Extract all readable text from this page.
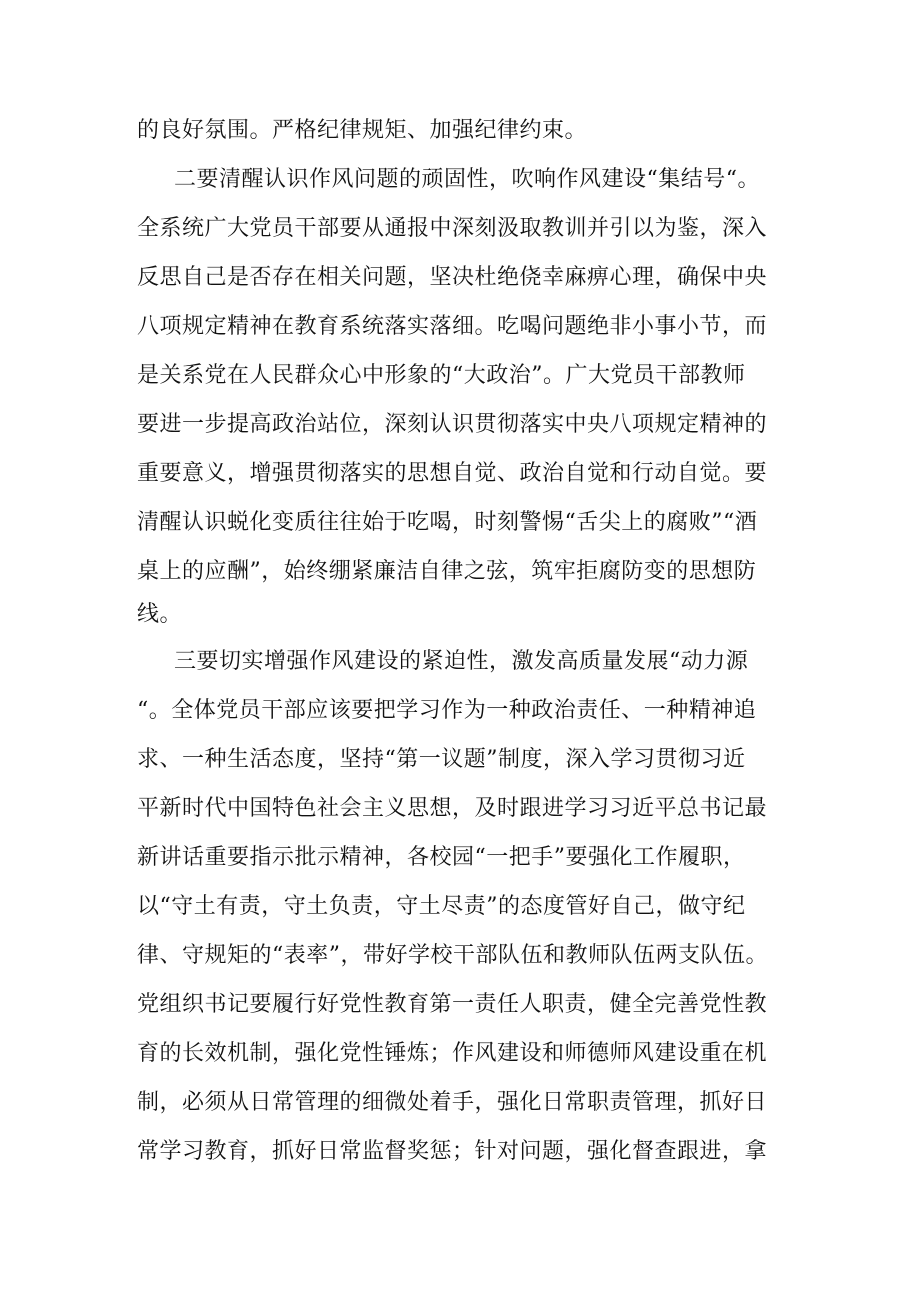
的良好氛围。严格纪律规矩、加强纪律约束。
二要清醒认识作风问题的顽固性，吹响作风建设“集结号“。
全系统广大党员干部要从通报中深刻汲取教训并引以为鉴，深入
反思自己是否存在相关问题，坚决杜绝侥幸麻痹心理，确保中央
八项规定精神在教育系统落实落细。吃喝问题绝非小事小节，而
是关系党在人民群众心中形象的“大政治”。广大党员干部教师
要进一步提高政治站位，深刻认识贯彻落实中央八项规定精神的
重要意义，增强贯彻落实的思想自觉、政治自觉和行动自觉。要
清醒认识蜕化变质往往始于吃喝，时刻警惕“舌尖上的腐败”“酒
桌上的应酬”，始终绷紧廉洁自律之弦，筑牢拒腐防变的思想防
线。
三要切实增强作风建设的紧迫性，激发高质量发展“动力源
“。全体党员干部应该要把学习作为一种政治责任、一种精神追
求、一种生活态度，坚持“第一议题”制度，深入学习贯彻习近
平新时代中国特色社会主义思想，及时跟进学习习近平总书记最
新讲话重要指示批示精神，各校园“一把手”要强化工作履职，
以“守土有责，守土负责，守土尽责”的态度管好自己，做守纪
律、守规矩的“表率”，带好学校干部队伍和教师队伍两支队伍。
党组织书记要履行好党性教育第一责任人职责，健全完善党性教
育的长效机制，强化党性锤炼；作风建设和师德师风建设重在机
制，必须从日常管理的细微处着手，强化日常职责管理，抓好日
常学习教育，抓好日常监督奖惩；针对问题，强化督查跟进，拿
